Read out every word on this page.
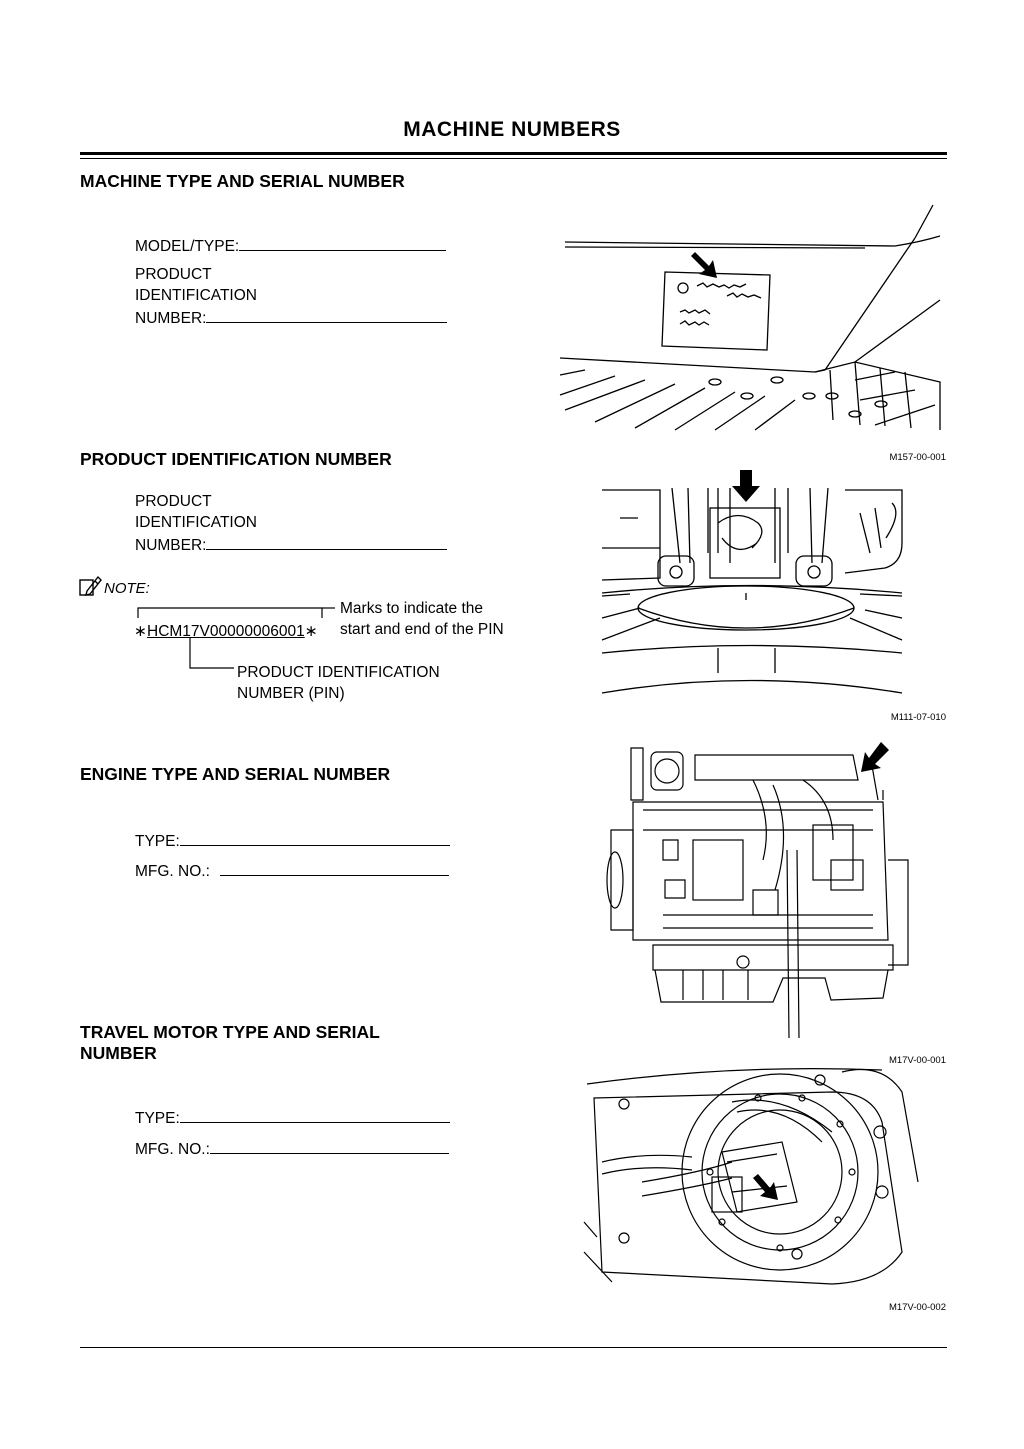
MACHINE NUMBERS
MACHINE TYPE AND SERIAL NUMBER
MODEL/TYPE:
PRODUCT
IDENTIFICATION
NUMBER:
M157-00-001
PRODUCT IDENTIFICATION NUMBER
PRODUCT
IDENTIFICATION
NUMBER:
NOTE:
∗HCM17V00000006001∗
Marks to indicate the
start and end of the PIN
PRODUCT IDENTIFICATION
NUMBER (PIN)
M111-07-010
ENGINE TYPE AND SERIAL NUMBER
TYPE:
MFG. NO.:
M17V-00-001
TRAVEL MOTOR TYPE AND SERIAL
NUMBER
TYPE:
MFG. NO.:
M17V-00-002
